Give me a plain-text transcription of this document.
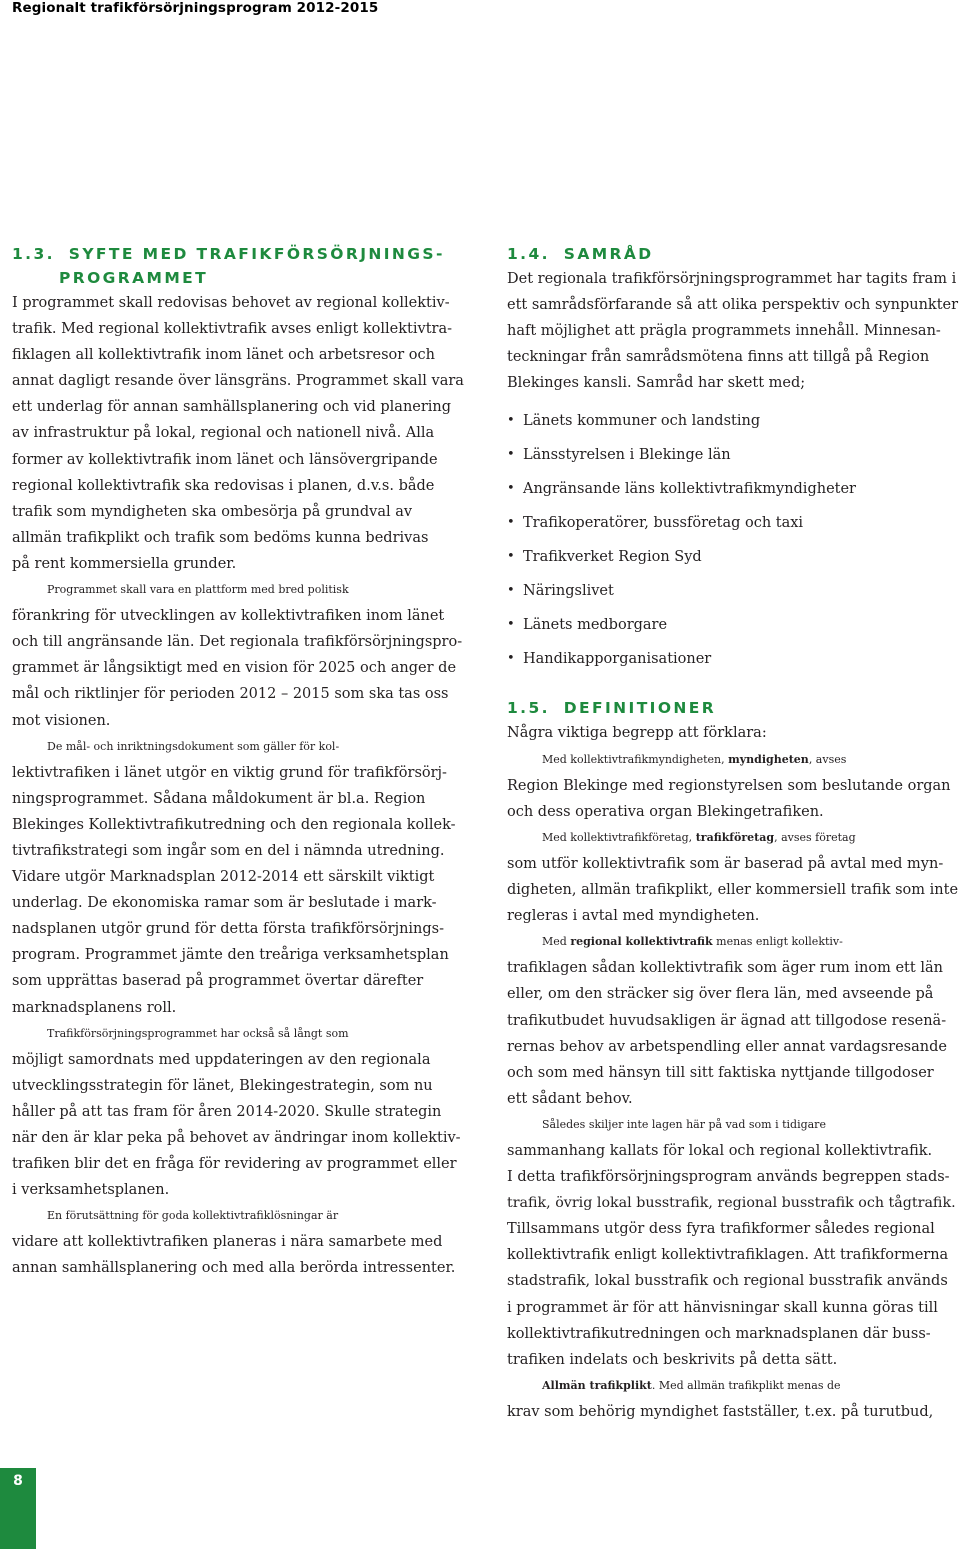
Regionalt trafikförsörjningsprogram 2012-2015
1.3. SYFTE MED TRAFIKFÖRSÖRJNINGS-
PROGRAMMET

I programmet skall redovisas behovet av regional kollektiv-

trafik. Med regional kollektivtrafik avses enligt kollektivtra-

fiklagen all kollektivtrafik inom länet och arbetsresor och

annat dagligt resande över länsgräns. Programmet skall vara

ett underlag för annan samhällsplanering och vid planering

av infrastruktur på lokal, regional och nationell nivå. Alla

former av kollektivtrafik inom länet och länsövergripande

regional kollektivtrafik ska redovisas i planen, d.v.s. både

trafik som myndigheten ska ombesörja på grundval av

allmän trafikplikt och trafik som bedöms kunna bedrivas

på rent kommersiella grunder.

Programmet skall vara en plattform med bred politisk

förankring för utvecklingen av kollektivtrafiken inom länet

och till angränsande län. Det regionala trafikförsörjningspro-

grammet är långsiktigt med en vision för 2025 och anger de

mål och riktlinjer för perioden 2012 – 2015 som ska tas oss

mot visionen.

De mål- och inriktningsdokument som gäller för kol-

lektivtrafiken i länet utgör en viktig grund för trafikförsörj-

ningsprogrammet. Sådana måldokument är bl.a. Region

Blekinges Kollektivtrafikutredning och den regionala kollek-

tivtrafikstrategi som ingår som en del i nämnda utredning.

Vidare utgör Marknadsplan 2012-2014 ett särskilt viktigt

underlag. De ekonomiska ramar som är beslutade i mark-

nadsplanen utgör grund för detta första trafikförsörjnings-

program. Programmet jämte den treåriga verksamhetsplan

som upprättas baserad på programmet övertar därefter

marknadsplanens roll.

Trafikförsörjningsprogrammet har också så långt som

möjligt samordnats med uppdateringen av den regionala

utvecklingsstrategin för länet, Blekingestrategin, som nu

håller på att tas fram för åren 2014-2020. Skulle strategin

när den är klar peka på behovet av ändringar inom kollektiv-

trafiken blir det en fråga för revidering av programmet eller

i verksamhetsplanen.

En förutsättning för goda kollektivtrafiklösningar är

vidare att kollektivtrafiken planeras i nära samarbete med

annan samhällsplanering och med alla berörda intressenter.

1.4. SAMRÅD

Det regionala trafikförsörjningsprogrammet har tagits fram i

ett samrådsförfarande så att olika perspektiv och synpunkter

haft möjlighet att prägla programmets innehåll. Minnesan-

teckningar från samrådsmötena finns att tillgå på Region

Blekinges kansli. Samråd har skett med;

• Länets kommuner och landsting
• Länsstyrelsen i Blekinge län
• Angränsande läns kollektivtrafikmyndigheter
• Trafikoperatörer, bussföretag och taxi
• Trafikverket Region Syd
• Näringslivet
• Länets medborgare
• Handikapporganisationer
1.5. DEFINITIONER

Några viktiga begrepp att förklara:

Med kollektivtrafikmyndigheten, myndigheten, avses

Region Blekinge med regionstyrelsen som beslutande organ

och dess operativa organ Blekingetrafiken.

Med kollektivtrafikföretag, trafikföretag, avses företag

som utför kollektivtrafik som är baserad på avtal med myn-

digheten, allmän trafikplikt, eller kommersiell trafik som inte

regleras i avtal med myndigheten.

Med regional kollektivtrafik menas enligt kollektiv-

trafiklagen sådan kollektivtrafik som äger rum inom ett län

eller, om den sträcker sig över flera län, med avseende på

trafikutbudet huvudsakligen är ägnad att tillgodose resenä-

rernas behov av arbetspendling eller annat vardagsresande

och som med hänsyn till sitt faktiska nyttjande tillgodoser

ett sådant behov.

Således skiljer inte lagen här på vad som i tidigare

sammanhang kallats för lokal och regional kollektivtrafik.

I detta trafikförsörjningsprogram används begreppen stads-

trafik, övrig lokal busstrafik, regional busstrafik och tågtrafik.

Tillsammans utgör dess fyra trafikformer således regional

kollektivtrafik enligt kollektivtrafiklagen. Att trafikformerna

stadstrafik, lokal busstrafik och regional busstrafik används

i programmet är för att hänvisningar skall kunna göras till

kollektivtrafikutredningen och marknadsplanen där buss-

trafiken indelats och beskrivits på detta sätt.

Allmän trafikplikt. Med allmän trafikplikt menas de

krav som behörig myndighet fastställer, t.ex. på turutbud,

8
